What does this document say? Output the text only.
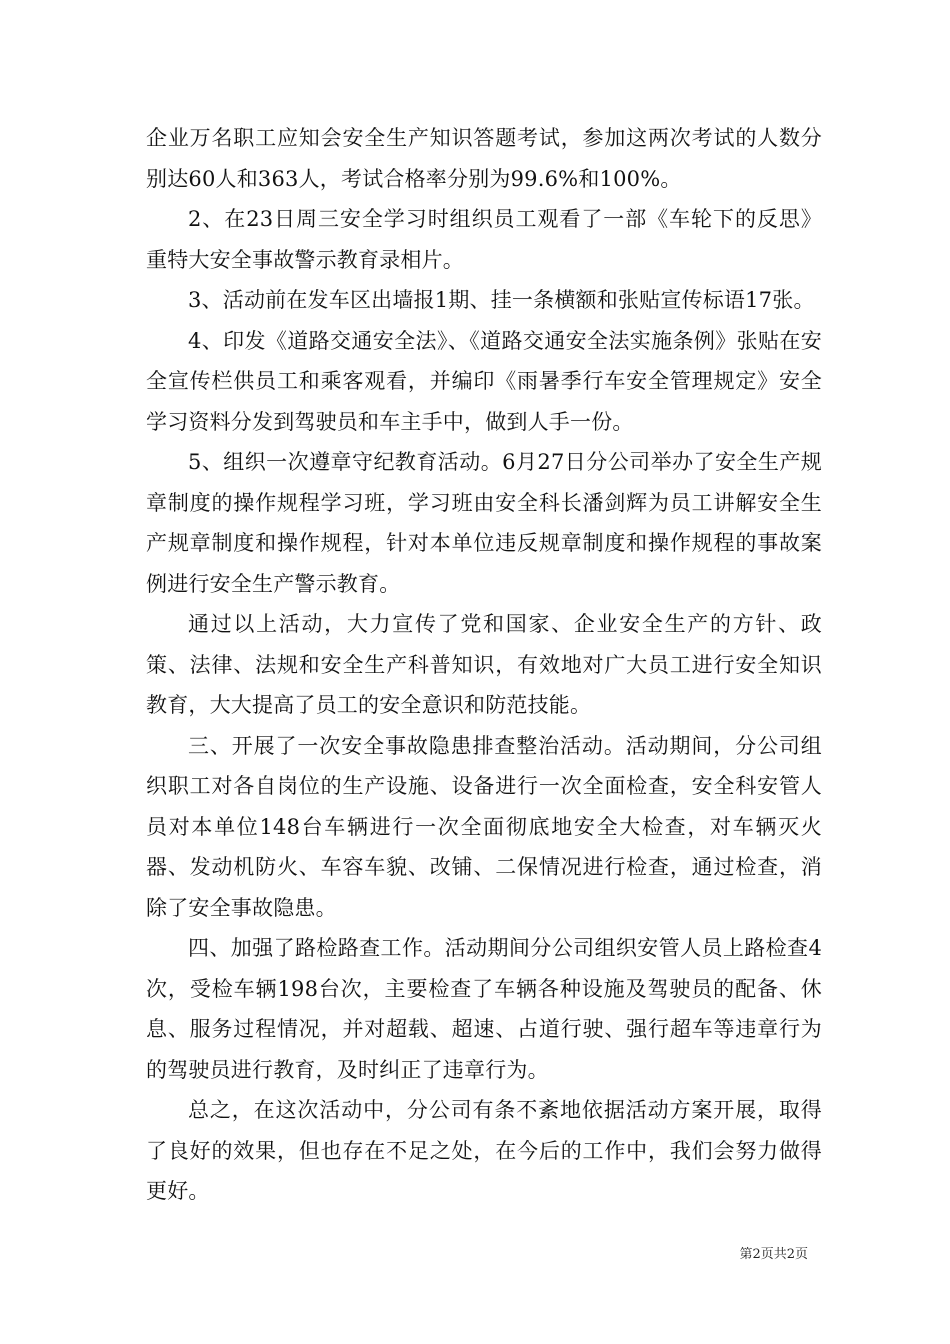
企业万名职工应知会安全生产知识答题考试，参加这两次考试的人数分别达60人和363人，考试合格率分别为99.6%和100%。

2、在23日周三安全学习时组织员工观看了一部《车轮下的反思》重特大安全事故警示教育录相片。

3、活动前在发车区出墙报1期、挂一条横额和张贴宣传标语17张。

4、印发《道路交通安全法》、《道路交通安全法实施条例》张贴在安全宣传栏供员工和乘客观看，并编印《雨暑季行车安全管理规定》安全学习资料分发到驾驶员和车主手中，做到人手一份。

5、组织一次遵章守纪教育活动。6月27日分公司举办了安全生产规章制度的操作规程学习班，学习班由安全科长潘剑辉为员工讲解安全生产规章制度和操作规程，针对本单位违反规章制度和操作规程的事故案例进行安全生产警示教育。

通过以上活动，大力宣传了党和国家、企业安全生产的方针、政策、法律、法规和安全生产科普知识，有效地对广大员工进行安全知识教育，大大提高了员工的安全意识和防范技能。

三、开展了一次安全事故隐患排查整治活动。活动期间，分公司组织职工对各自岗位的生产设施、设备进行一次全面检查，安全科安管人员对本单位148台车辆进行一次全面彻底地安全大检查，对车辆灭火器、发动机防火、车容车貌、改铺、二保情况进行检查，通过检查，消除了安全事故隐患。

四、加强了路检路查工作。活动期间分公司组织安管人员上路检查4次，受检车辆198台次，主要检查了车辆各种设施及驾驶员的配备、休息、服务过程情况，并对超载、超速、占道行驶、强行超车等违章行为的驾驶员进行教育，及时纠正了违章行为。

总之，在这次活动中，分公司有条不紊地依据活动方案开展，取得了良好的效果，但也存在不足之处，在今后的工作中，我们会努力做得更好。

第2页共2页
